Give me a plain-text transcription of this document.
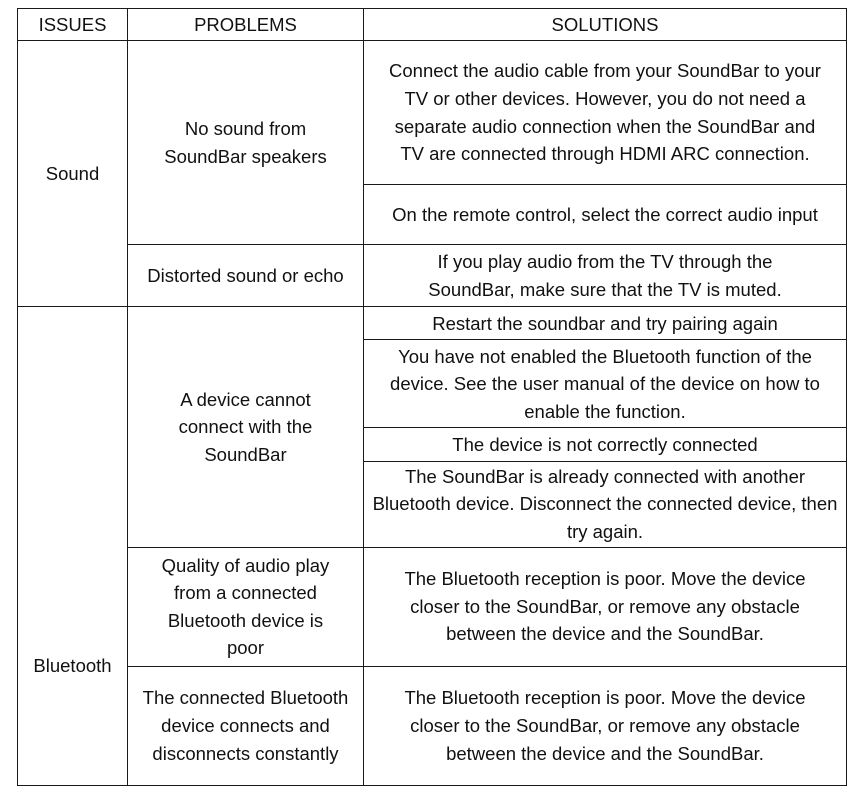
ISSUES	PROBLEMS	SOLUTIONS
Sound	No sound from SoundBar speakers	Connect the audio cable from your SoundBar to your TV or other devices. However, you do not need a separate audio connection when the SoundBar and TV are connected through HDMI ARC connection.
		On the remote control, select the correct audio input
	Distorted sound or echo	If you play audio from the TV through the SoundBar, make sure that the TV is muted.
Bluetooth	A device cannot connect with the SoundBar	Restart the soundbar and try pairing again
		You have not enabled the Bluetooth function of the device. See the user manual of the device on how to enable the function.
		The device is not correctly connected
		The SoundBar is already connected with another Bluetooth device. Disconnect the connected device, then try again.
	Quality of audio play from a connected Bluetooth device is poor	The Bluetooth reception is poor. Move the device closer to the SoundBar, or remove any obstacle between the device and the SoundBar.
	The connected Bluetooth device connects and disconnects constantly	The Bluetooth reception is poor. Move the device closer to the SoundBar, or remove any obstacle between the device and the SoundBar.
